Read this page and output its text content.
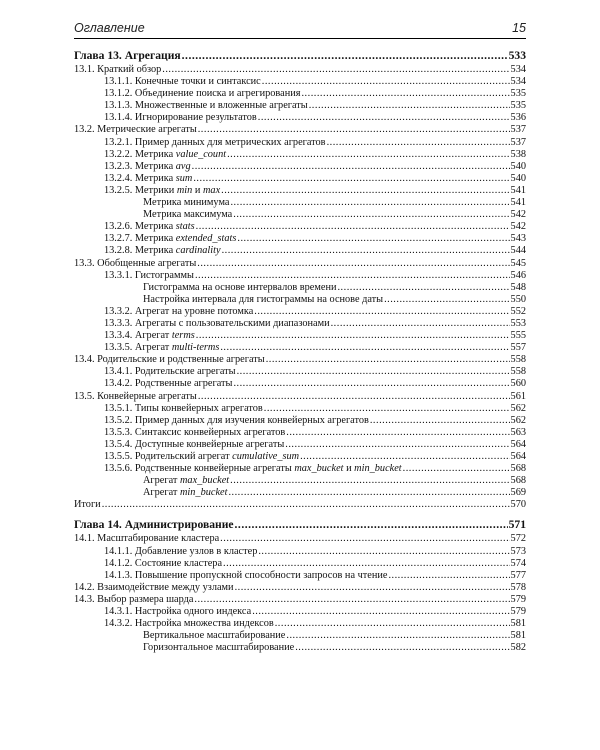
Оглавление	15
Глава 13. Агрегация .....	533
13.1. Краткий обзор .....	534
13.1.1. Конечные точки и синтаксис .....	534
13.1.2. Объединение поиска и агрегирования .....	535
13.1.3. Множественные и вложенные агрегаты .....	535
13.1.4. Игнорирование результатов .....	536
13.2. Метрические агрегаты .....	537
13.2.1. Пример данных для метрических агрегатов .....	537
13.2.2. Метрика value_count .....	538
13.2.3. Метрика avg .....	540
13.2.4. Метрика sum .....	540
13.2.5. Метрики min и max .....	541
Метрика минимума .....	541
Метрика максимума .....	542
13.2.6. Метрика stats .....	542
13.2.7. Метрика extended_stats .....	543
13.2.8. Метрика cardinality .....	544
13.3. Обобщенные агрегаты .....	545
13.3.1. Гистограммы .....	546
Гистограмма на основе интервалов времени .....	548
Настройка интервала для гистограммы на основе даты .....	550
13.3.2. Агрегат на уровне потомка .....	552
13.3.3. Агрегаты с пользовательскими диапазонами .....	553
13.3.4. Агрегат terms .....	555
13.3.5. Агрегат multi-terms .....	557
13.4. Родительские и родственные агрегаты .....	558
13.4.1. Родительские агрегаты .....	558
13.4.2. Родственные агрегаты .....	560
13.5. Конвейерные агрегаты .....	561
13.5.1. Типы конвейерных агрегатов .....	562
13.5.2. Пример данных для изучения конвейерных агрегатов .....	562
13.5.3. Синтаксис конвейерных агрегатов .....	563
13.5.4. Доступные конвейерные агрегаты .....	564
13.5.5. Родительский агрегат cumulative_sum .....	564
13.5.6. Родственные конвейерные агрегаты max_bucket и min_bucket .....	568
Агрегат max_bucket .....	568
Агрегат min_bucket .....	569
Итоги .....	570
Глава 14. Администрирование .....	571
14.1. Масштабирование кластера .....	572
14.1.1. Добавление узлов в кластер .....	573
14.1.2. Состояние кластера .....	574
14.1.3. Повышение пропускной способности запросов на чтение .....	577
14.2. Взаимодействие между узлами .....	578
14.3. Выбор размера шарда .....	579
14.3.1. Настройка одного индекса .....	579
14.3.2. Настройка множества индексов .....	581
Вертикальное масштабирование .....	581
Горизонтальное масштабирование .....	582
